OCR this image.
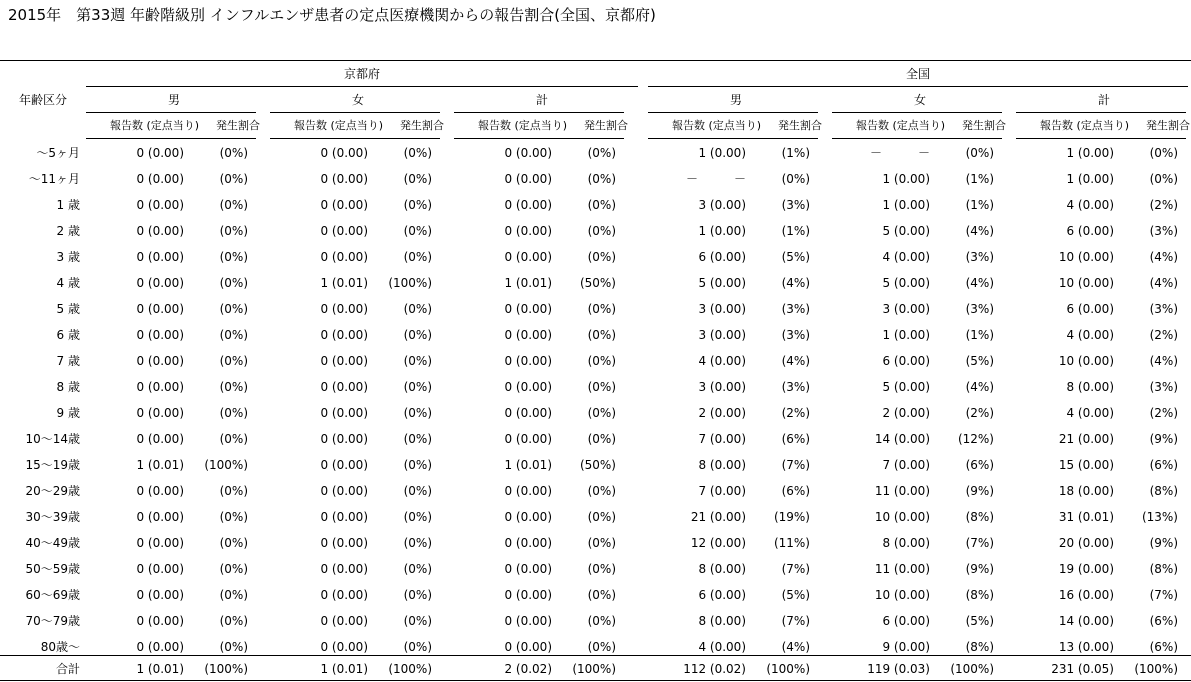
2015年　第33週 年齢階級別 インフルエンザ患者の定点医療機関からの報告割合(全国、京都府)
京都府	全国
年齢区分	男
報告数 (定点当り)	発生割合
女
報告数 (定点当り)	発生割合
計
報告数 (定点当り)	発生割合
男
報告数 (定点当り)	発生割合
女
報告数 (定点当り)	発生割合
計
報告数 (定点当り)	発生割合
～5ヶ月	0 (0.00)	(0%)	0 (0.00)	(0%)	0 (0.00)	(0%)	1 (0.00)	(1%)	－　　　－	(0%)	1 (0.00)	(0%)
～11ヶ月	0 (0.00)	(0%)	0 (0.00)	(0%)	0 (0.00)	(0%)	－　　　－	(0%)	1 (0.00)	(1%)	1 (0.00)	(0%)
1 歳	0 (0.00)	(0%)	0 (0.00)	(0%)	0 (0.00)	(0%)	3 (0.00)	(3%)	1 (0.00)	(1%)	4 (0.00)	(2%)
2 歳	0 (0.00)	(0%)	0 (0.00)	(0%)	0 (0.00)	(0%)	1 (0.00)	(1%)	5 (0.00)	(4%)	6 (0.00)	(3%)
3 歳	0 (0.00)	(0%)	0 (0.00)	(0%)	0 (0.00)	(0%)	6 (0.00)	(5%)	4 (0.00)	(3%)	10 (0.00)	(4%)
4 歳	0 (0.00)	(0%)	1 (0.01)	(100%)	1 (0.01)	(50%)	5 (0.00)	(4%)	5 (0.00)	(4%)	10 (0.00)	(4%)
5 歳	0 (0.00)	(0%)	0 (0.00)	(0%)	0 (0.00)	(0%)	3 (0.00)	(3%)	3 (0.00)	(3%)	6 (0.00)	(3%)
6 歳	0 (0.00)	(0%)	0 (0.00)	(0%)	0 (0.00)	(0%)	3 (0.00)	(3%)	1 (0.00)	(1%)	4 (0.00)	(2%)
7 歳	0 (0.00)	(0%)	0 (0.00)	(0%)	0 (0.00)	(0%)	4 (0.00)	(4%)	6 (0.00)	(5%)	10 (0.00)	(4%)
8 歳	0 (0.00)	(0%)	0 (0.00)	(0%)	0 (0.00)	(0%)	3 (0.00)	(3%)	5 (0.00)	(4%)	8 (0.00)	(3%)
9 歳	0 (0.00)	(0%)	0 (0.00)	(0%)	0 (0.00)	(0%)	2 (0.00)	(2%)	2 (0.00)	(2%)	4 (0.00)	(2%)
10～14歳	0 (0.00)	(0%)	0 (0.00)	(0%)	0 (0.00)	(0%)	7 (0.00)	(6%)	14 (0.00)	(12%)	21 (0.00)	(9%)
15～19歳	1 (0.01)	(100%)	0 (0.00)	(0%)	1 (0.01)	(50%)	8 (0.00)	(7%)	7 (0.00)	(6%)	15 (0.00)	(6%)
20～29歳	0 (0.00)	(0%)	0 (0.00)	(0%)	0 (0.00)	(0%)	7 (0.00)	(6%)	11 (0.00)	(9%)	18 (0.00)	(8%)
30～39歳	0 (0.00)	(0%)	0 (0.00)	(0%)	0 (0.00)	(0%)	21 (0.00)	(19%)	10 (0.00)	(8%)	31 (0.01)	(13%)
40～49歳	0 (0.00)	(0%)	0 (0.00)	(0%)	0 (0.00)	(0%)	12 (0.00)	(11%)	8 (0.00)	(7%)	20 (0.00)	(9%)
50～59歳	0 (0.00)	(0%)	0 (0.00)	(0%)	0 (0.00)	(0%)	8 (0.00)	(7%)	11 (0.00)	(9%)	19 (0.00)	(8%)
60～69歳	0 (0.00)	(0%)	0 (0.00)	(0%)	0 (0.00)	(0%)	6 (0.00)	(5%)	10 (0.00)	(8%)	16 (0.00)	(7%)
70～79歳	0 (0.00)	(0%)	0 (0.00)	(0%)	0 (0.00)	(0%)	8 (0.00)	(7%)	6 (0.00)	(5%)	14 (0.00)	(6%)
80歳～	0 (0.00)	(0%)	0 (0.00)	(0%)	0 (0.00)	(0%)	4 (0.00)	(4%)	9 (0.00)	(8%)	13 (0.00)	(6%)
合計	1 (0.01)	(100%)	1 (0.01)	(100%)	2 (0.02)	(100%)	112 (0.02)	(100%)	119 (0.03)	(100%)	231 (0.05)	(100%)
